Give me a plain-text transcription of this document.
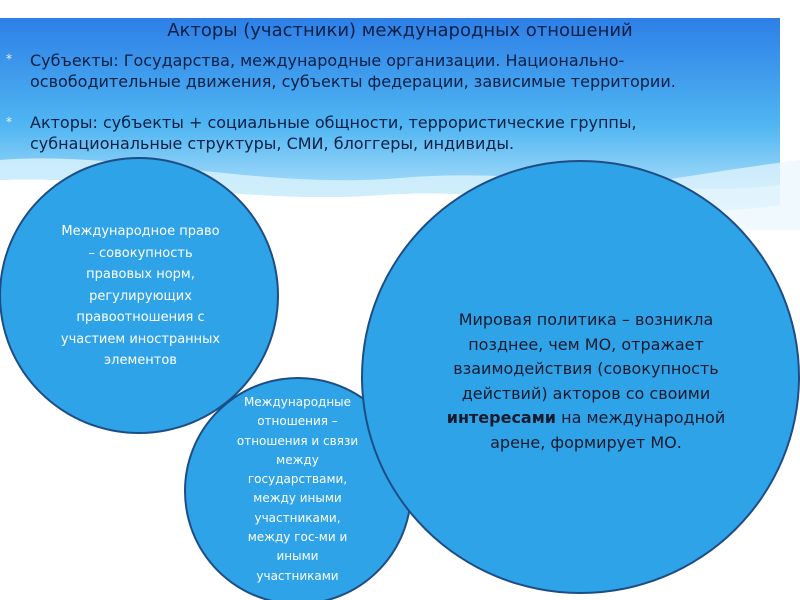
Акторы (участники) международных отношений
⁎ Субъекты: Государства, международные организации. Национально-
освободительные движения, субъекты федерации, зависимые территории.
⁎ Акторы: субъекты + социальные общности, террористические группы,
субнациональные структуры, СМИ, блоггеры, индивиды.
Международные
отношения –
отношения и связи
между
государствами,
между иными
участниками,
между гос-ми и
иными
участниками
Международное право
– совокупность
правовых норм,
регулирующих
правоотношения с
участием иностранных
элементов
Мировая политика – возникла
позднее, чем МО, отражает
взаимодействия (совокупность
действий) акторов со своими
интересами на международной
арене, формирует МО.
